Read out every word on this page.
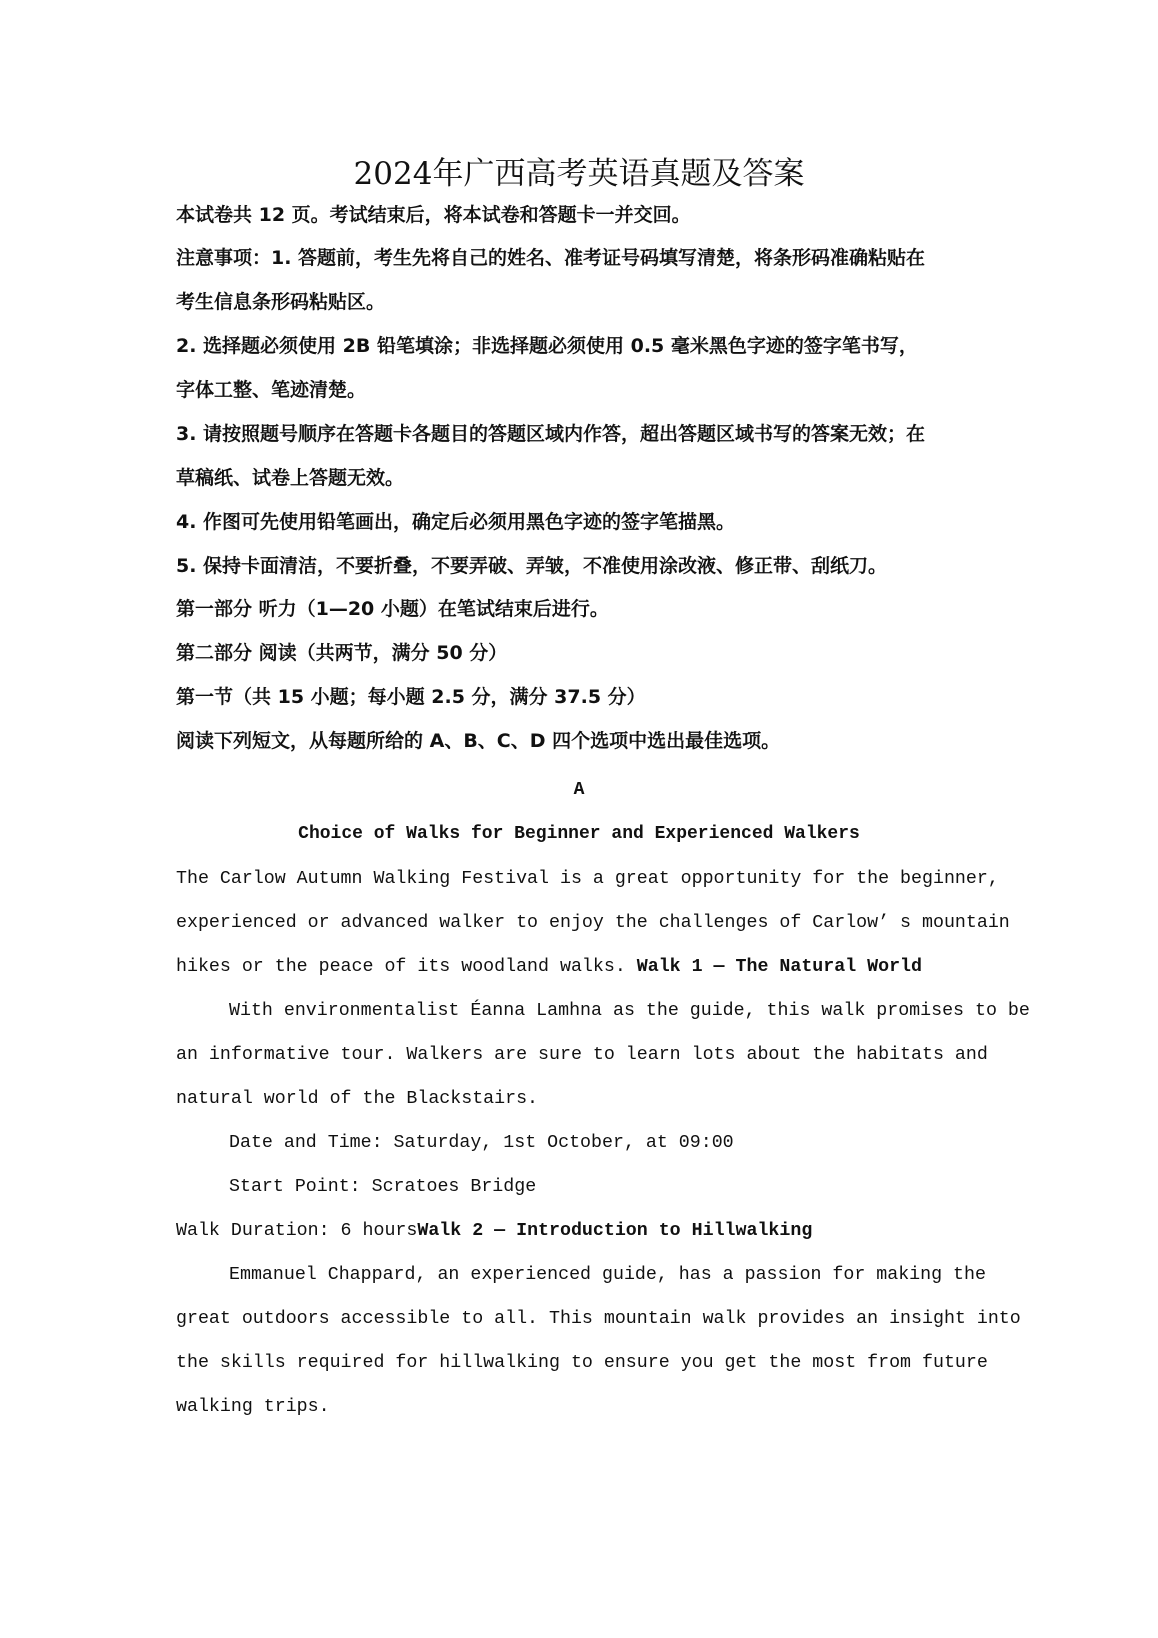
2024年广西高考英语真题及答案

本试卷共 12 页。考试结束后，将本试卷和答题卡一并交回。

注意事项：1. 答题前，考生先将自己的姓名、准考证号码填写清楚，将条形码准确粘贴在

考生信息条形码粘贴区。

2. 选择题必须使用 2B 铅笔填涂；非选择题必须使用 0.5 毫米黑色字迹的签字笔书写，

字体工整、笔迹清楚。

3. 请按照题号顺序在答题卡各题目的答题区域内作答，超出答题区域书写的答案无效；在

草稿纸、试卷上答题无效。

4. 作图可先使用铅笔画出，确定后必须用黑色字迹的签字笔描黑。

5. 保持卡面清洁，不要折叠，不要弄破、弄皱，不准使用涂改液、修正带、刮纸刀。

第一部分 听力（1—20 小题）在笔试结束后进行。

第二部分 阅读（共两节，满分 50 分）

第一节（共 15 小题；每小题 2.5 分，满分 37.5 分）

阅读下列短文，从每题所给的 A、B、C、D 四个选项中选出最佳选项。

A

Choice of Walks for Beginner and Experienced Walkers

The Carlow Autumn Walking Festival is a great opportunity for the beginner,

experienced or advanced walker to enjoy the challenges of Carlow’ s mountain

hikes or the peace of its woodland walks. Walk 1 — The Natural World

With environmentalist Éanna Lamhna as the guide, this walk promises to be

an informative tour. Walkers are sure to learn lots about the habitats and

natural world of the Blackstairs.

Date and Time: Saturday, 1st October, at 09:00

Start Point: Scratoes Bridge

Walk Duration: 6 hoursWalk 2 — Introduction to Hillwalking

Emmanuel Chappard, an experienced guide, has a passion for making the

great outdoors accessible to all. This mountain walk provides an insight into

the skills required for hillwalking to ensure you get the most from future

walking trips.
